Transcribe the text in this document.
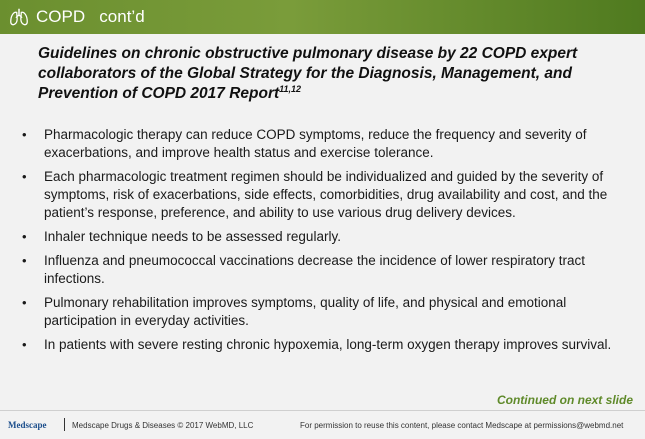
COPD   cont’d
Guidelines on chronic obstructive pulmonary disease by 22 COPD expert collaborators of the Global Strategy for the Diagnosis, Management, and Prevention of COPD 2017 Report$^{11,12}$
• Pharmacologic therapy can reduce COPD symptoms, reduce the frequency and severity of exacerbations, and improve health status and exercise tolerance.
• Each pharmacologic treatment regimen should be individualized and guided by the severity of symptoms, risk of exacerbations, side effects, comorbidities, drug availability and cost, and the patient’s response, preference, and ability to use various drug delivery devices.
• Inhaler technique needs to be assessed regularly.
• Influenza and pneumococcal vaccinations decrease the incidence of lower respiratory tract infections.
• Pulmonary rehabilitation improves symptoms, quality of life, and physical and emotional participation in everyday activities.
• In patients with severe resting chronic hypoxemia, long-term oxygen therapy improves survival.
Continued on next slide
Medscape	Medscape Drugs & Diseases © 2017 WebMD, LLC	For permission to reuse this content, please contact Medscape at permissions@webmd.net
